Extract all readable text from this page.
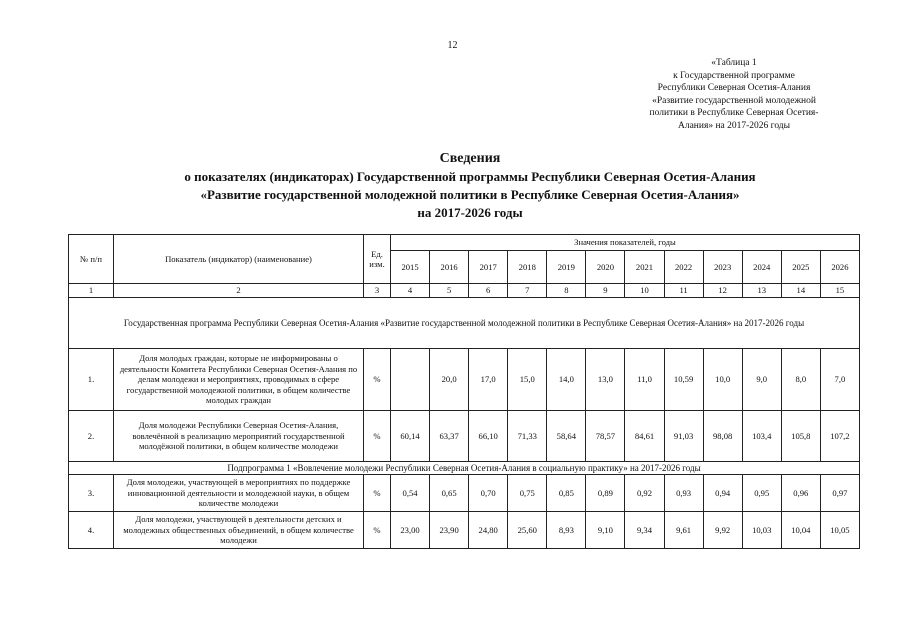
12
«Таблица 1
к Государственной программе
Республики Северная Осетия-Алания
«Развитие государственной молодежной
политики в Республике Северная Осетия-
Алания» на 2017-2026 годы
Сведения
о показателях (индикаторах) Государственной программы Республики Северная Осетия-Алания
«Развитие государственной молодежной политики в Республике Северная Осетия-Алания»
на 2017-2026 годы
№ п/п	Показатель (индикатор) (наименование)	Ед. изм.	Значения показателей, годы											
			2015	2016	2017	2018	2019	2020	2021	2022	2023	2024	2025	2026
1	2	3	4	5	6	7	8	9	10	11	12	13	14	15
Государственная программа Республики Северная Осетия-Алания «Развитие государственной молодежной политики в Республике Северная Осетия-Алания» на 2017-2026 годы														
1.	Доля молодых граждан, которые не информированы о деятельности Комитета Республики Северная Осетия-Алания по делам молодежи и мероприятиях, проводимых в сфере государственной молодежной политики, в общем количестве молодых граждан	%		20,0	17,0	15,0	14,0	13,0	11,0	10,59	10,0	9,0	8,0	7,0
2.	Доля молодежи Республики Северная Осетия-Алания, вовлечённой в реализацию мероприятий государственной молодёжной политики, в общем количестве молодежи	%	60,14	63,37	66,10	71,33	58,64	78,57	84,61	91,03	98,08	103,4	105,8	107,2
Подпрограмма 1 «Вовлечение молодежи Республики Северная Осетия-Алания в социальную практику» на 2017-2026 годы														
3.	Доля молодежи, участвующей в мероприятиях по поддержке инновационной деятельности и молодежной науки, в общем количестве молодежи	%	0,54	0,65	0,70	0,75	0,85	0,89	0,92	0,93	0,94	0,95	0,96	0,97
4.	Доля молодежи, участвующей в деятельности детских и молодежных общественных объединений, в общем количестве молодежи	%	23,00	23,90	24,80	25,60	8,93	9,10	9,34	9,61	9,92	10,03	10,04	10,05
